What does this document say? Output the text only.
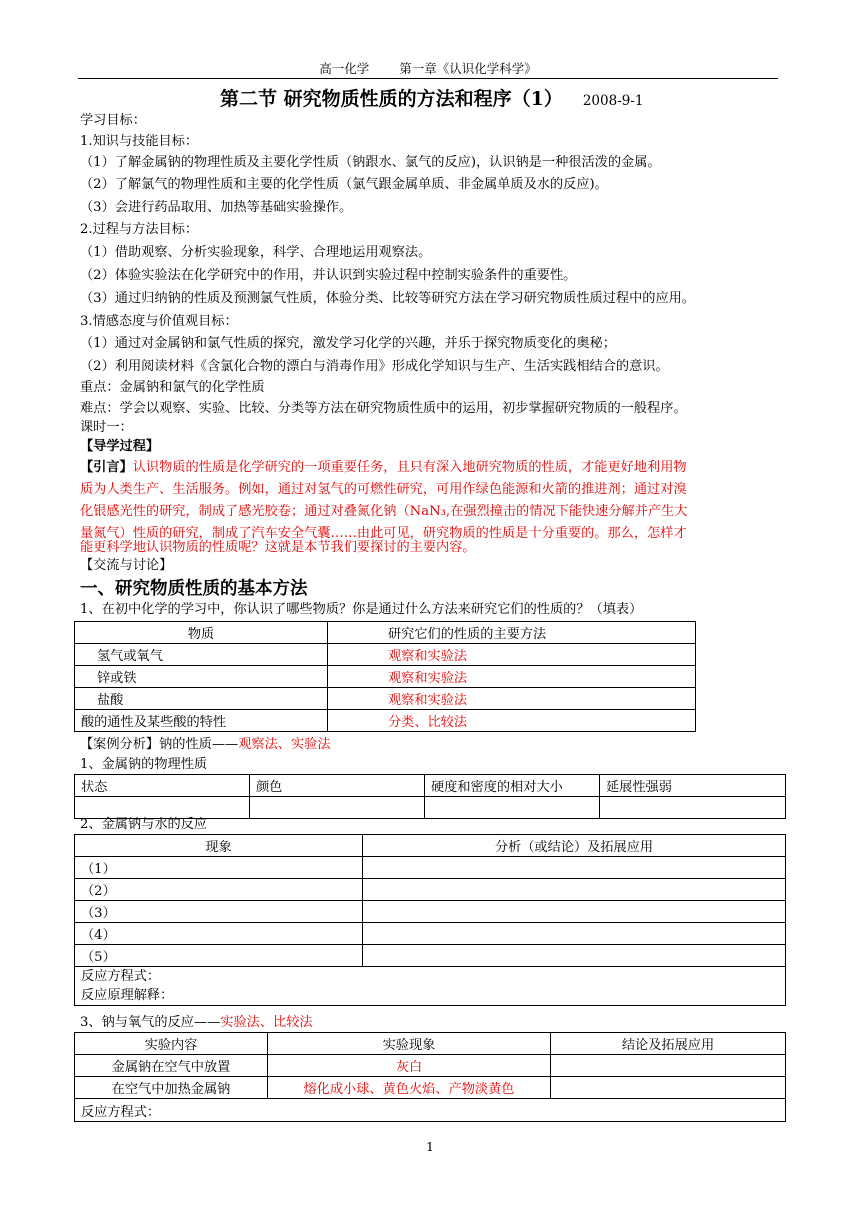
高一化学 第一章《认识化学科学》
第二节 研究物质性质的方法和程序（1） 2008-9-1
学习目标：
1.知识与技能目标：
（1）了解金属钠的物理性质及主要化学性质（钠跟水、氯气的反应)，认识钠是一种很活泼的金属。
（2）了解氯气的物理性质和主要的化学性质（氯气跟金属单质、非金属单质及水的反应)。
（3）会进行药品取用、加热等基础实验操作。
2.过程与方法目标：
（1）借助观察、分析实验现象，科学、合理地运用观察法。
（2）体验实验法在化学研究中的作用，并认识到实验过程中控制实验条件的重要性。
（3）通过归纳钠的性质及预测氯气性质，体验分类、比较等研究方法在学习研究物质性质过程中的应用。
3.情感态度与价值观目标：
（1）通过对金属钠和氯气性质的探究，激发学习化学的兴趣，并乐于探究物质变化的奥秘；
（2）利用阅读材料《含氯化合物的漂白与消毒作用》形成化学知识与生产、生活实践相结合的意识。
重点：金属钠和氯气的化学性质
难点：学会以观察、实验、比较、分类等方法在研究物质性质中的运用，初步掌握研究物质的一般程序。
课时一：
【导学过程】
【引言】认识物质的性质是化学研究的一项重要任务，且只有深入地研究物质的性质，才能更好地利用物
质为人类生产、生活服务。例如，通过对氢气的可燃性研究，可用作绿色能源和火箭的推进剂；通过对溴
化银感光性的研究，制成了感光胶卷；通过对叠氮化钠（NaN₃,在强烈撞击的情况下能快速分解并产生大
量氮气）性质的研究，制成了汽车安全气囊……由此可见，研究物质的性质是十分重要的。那么，怎样才
能更科学地认识物质的性质呢？这就是本节我们要探讨的主要内容。
【交流与讨论】
一、研究物质性质的基本方法
1、在初中化学的学习中，你认识了哪些物质？你是通过什么方法来研究它们的性质的？（填表）
物质	研究它们的性质的主要方法
氢气或氧气	观察和实验法
锌或铁	观察和实验法
盐酸	观察和实验法
酸的通性及某些酸的特性	分类、比较法
【案例分析】钠的性质——观察法、实验法
1、金属钠的物理性质
状态	颜色	硬度和密度的相对大小	延展性强弱

2、金属钠与水的反应
现象	分析（或结论）及拓展应用
（1）	
（2）	
（3）	
（4）	
（5）	

反应方程式：
反应原理解释：	
3、钠与氧气的反应——实验法、比较法
实验内容	实验现象	结论及拓展应用
金属钠在空气中放置	灰白	
在空气中加热金属钠	熔化成小球、黄色火焰、产物淡黄色	
反应方程式：		
1
